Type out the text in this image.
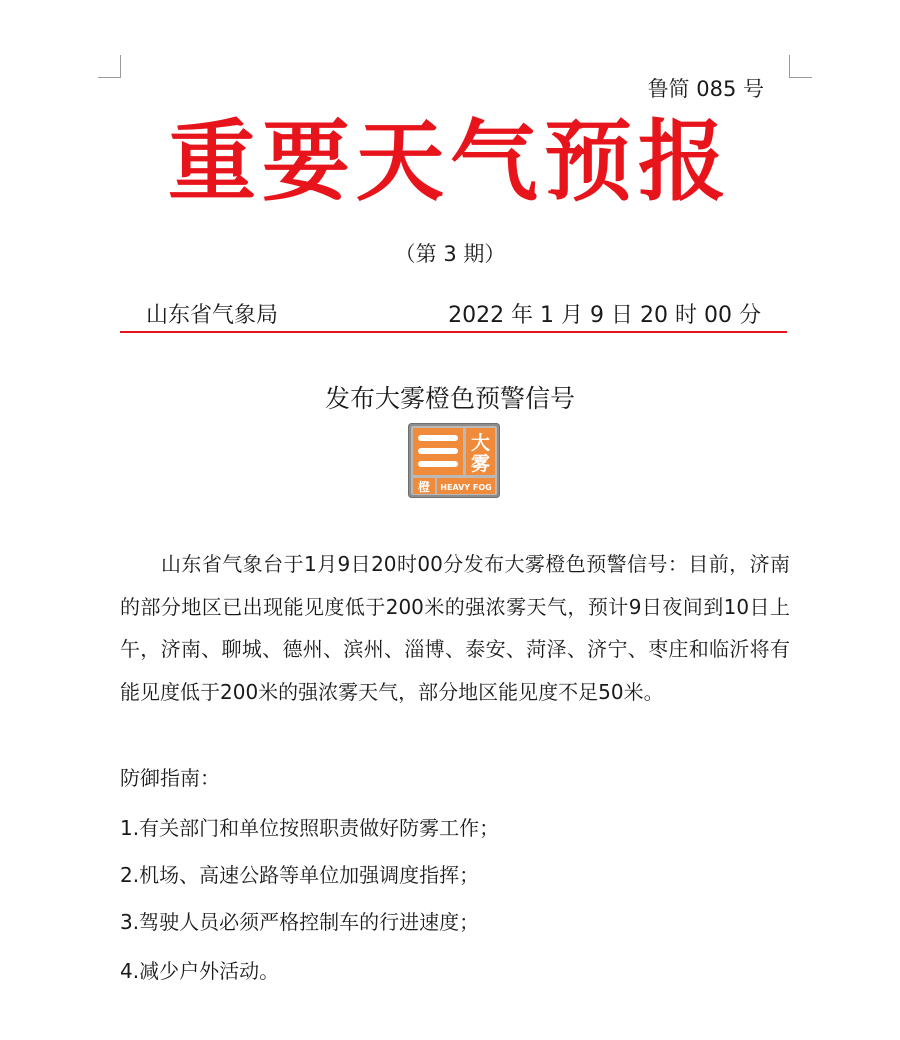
鲁简 085 号
重要天气预报
（第 3 期）
山东省气象局	2022 年 1 月 9 日 20 时 00 分
发布大雾橙色预警信号
大
雾
橙 HEAVY FOG
山东省气象台于1月9日20时00分发布大雾橙色预警信号：目前，济南的部分地区已出现能见度低于200米的强浓雾天气，预计9日夜间到10日上午，济南、聊城、德州、滨州、淄博、泰安、菏泽、济宁、枣庄和临沂将有能见度低于200米的强浓雾天气，部分地区能见度不足50米。
防御指南：
1.有关部门和单位按照职责做好防雾工作；
2.机场、高速公路等单位加强调度指挥；
3.驾驶人员必须严格控制车的行进速度；
4.减少户外活动。
